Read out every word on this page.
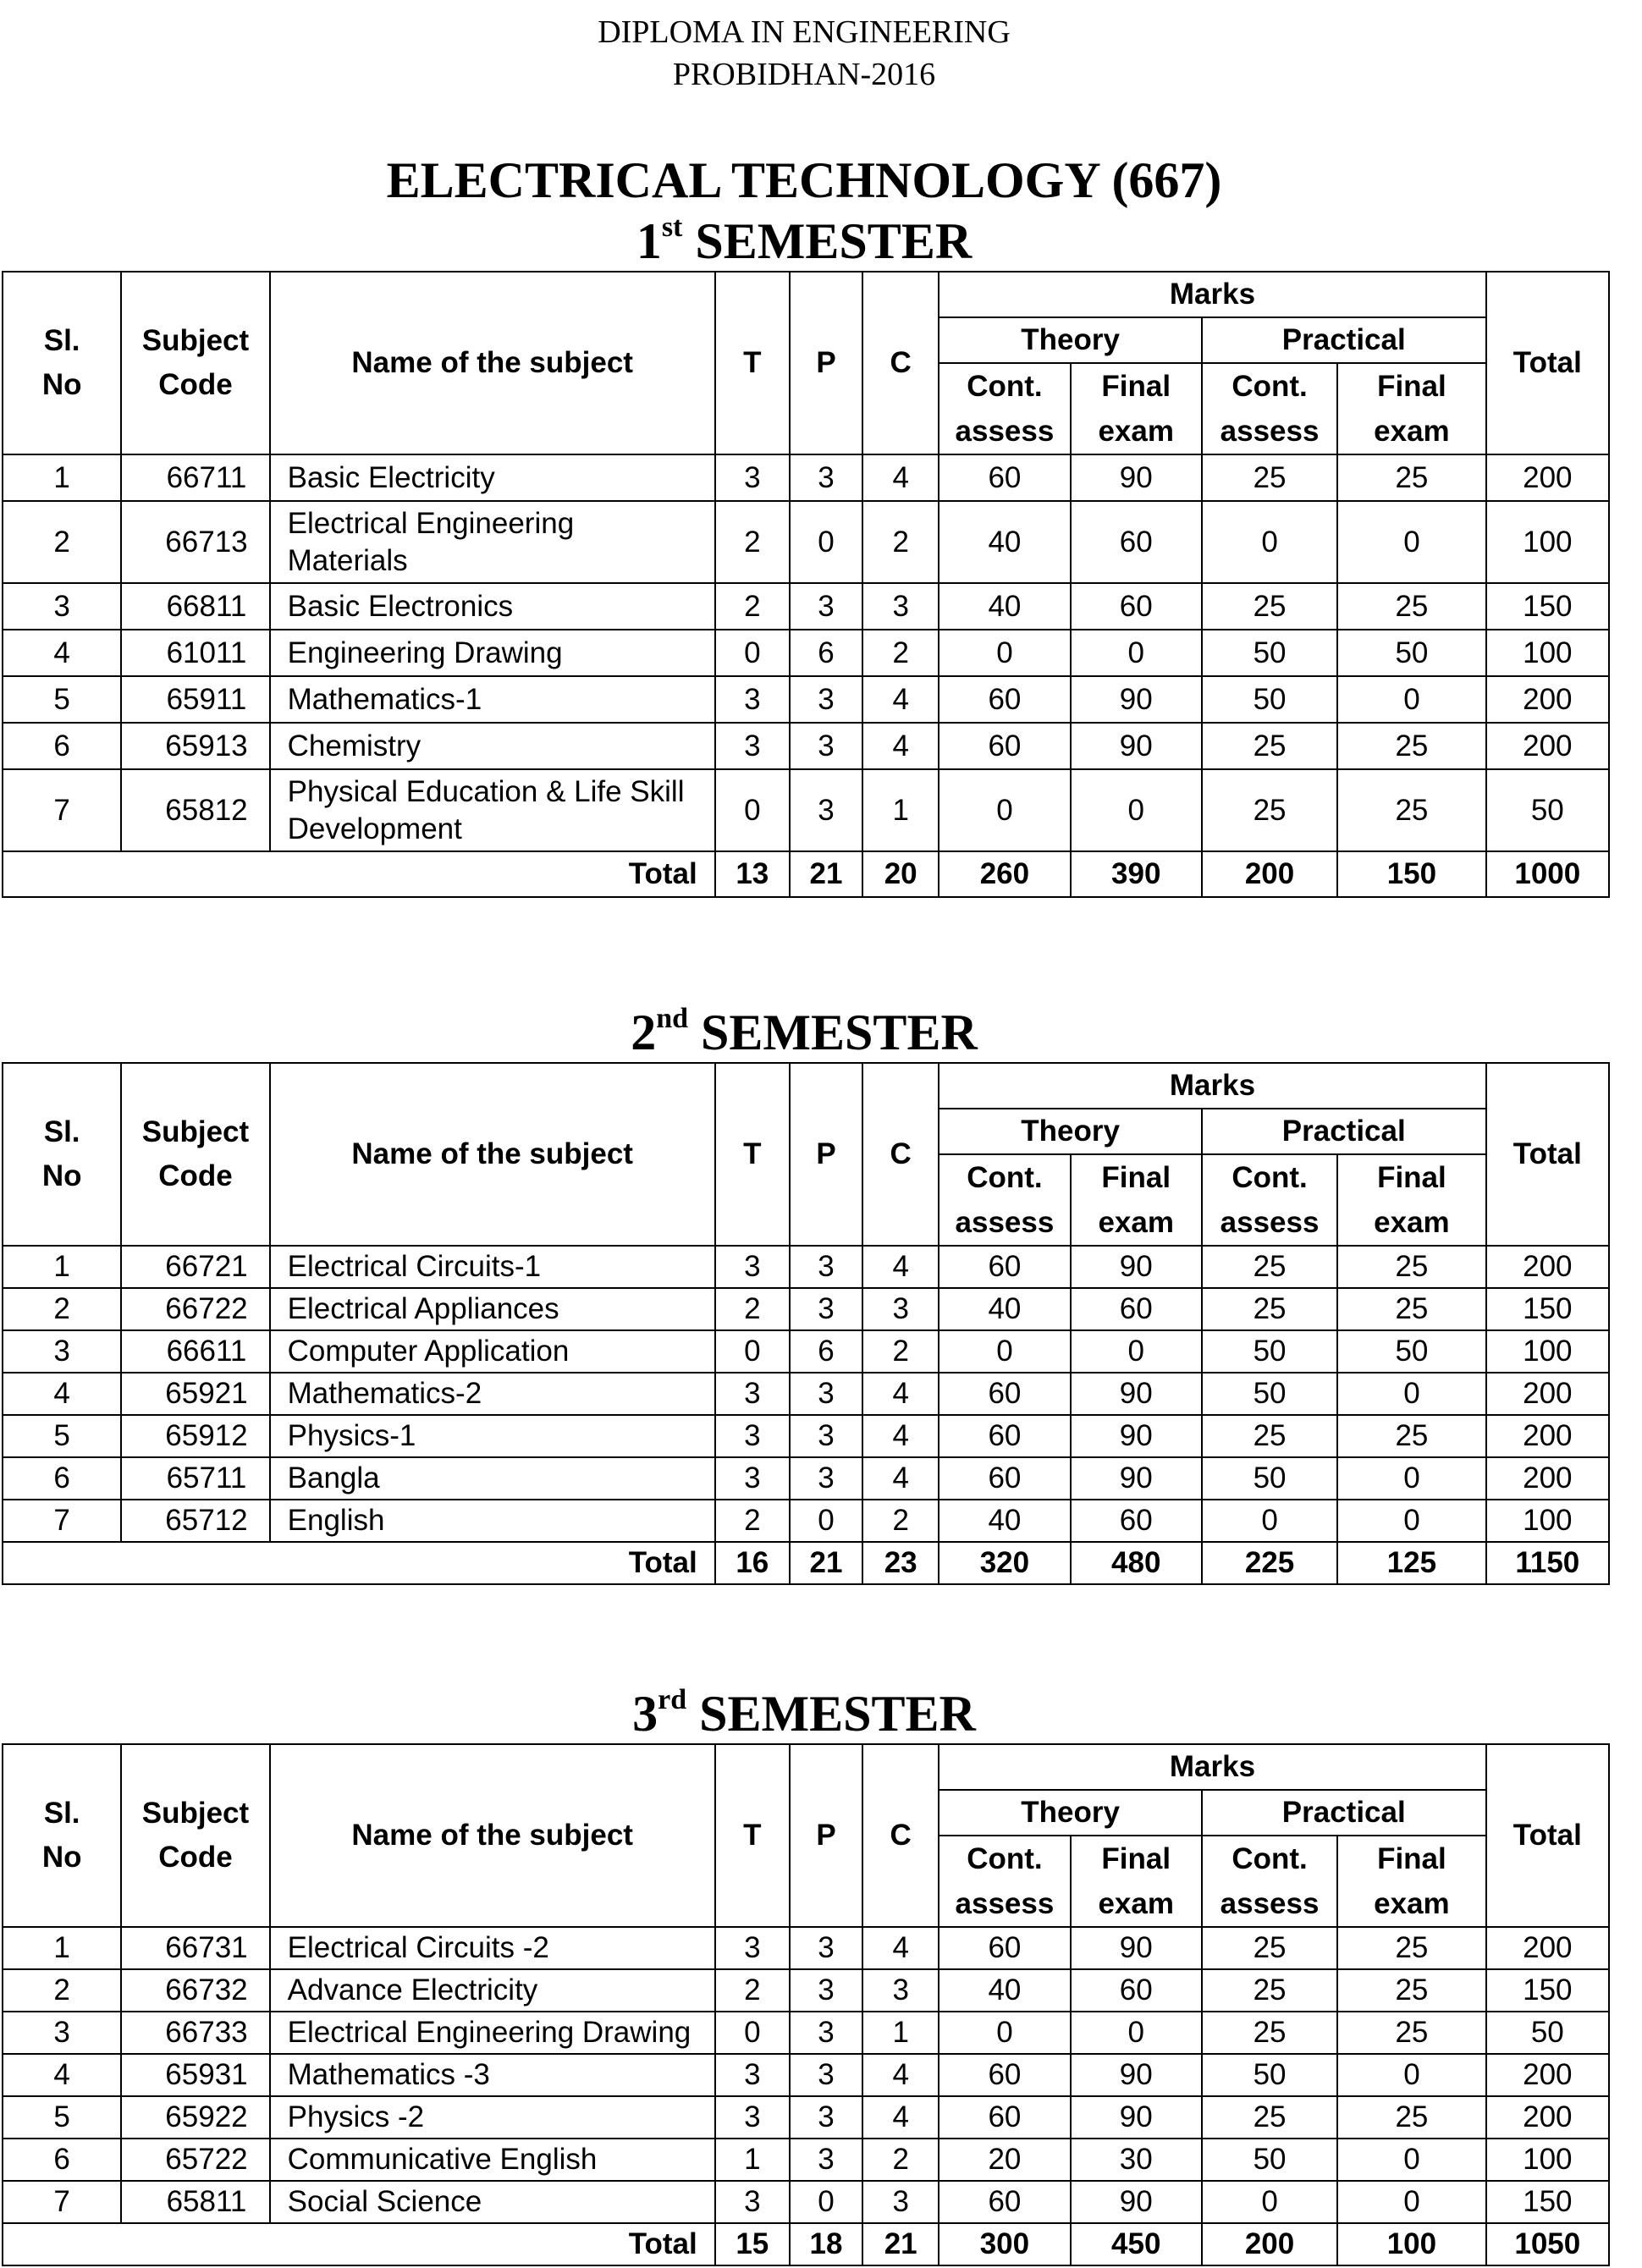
DIPLOMA IN ENGINEERING
PROBIDHAN-2016
ELECTRICAL TECHNOLOGY (667)
1st SEMESTER
Sl.
No	Subject
Code	Name of the subject	T	P	C	Marks				Total
						Theory		Practical		
						Cont.	Final	Cont.	Final	
						assess	exam	assess	exam	
1	66711	Basic Electricity	3	3	4	60	90	25	25	200
2	66713	Electrical Engineering
Materials	2	0	2	40	60	0	0	100
3	66811	Basic Electronics	2	3	3	40	60	25	25	150
4	61011	Engineering Drawing	0	6	2	0	0	50	50	100
5	65911	Mathematics-1	3	3	4	60	90	50	0	200
6	65913	Chemistry	3	3	4	60	90	25	25	200
7	65812	Physical Education & Life Skill
Development	0	3	1	0	0	25	25	50
Total			13	21	20	260	390	200	150	1000
2nd SEMESTER
Sl.
No	Subject
Code	Name of the subject	T	P	C	Marks				Total
						Theory		Practical		
						Cont.	Final	Cont.	Final	
						assess	exam	assess	exam	
1	66721	Electrical Circuits-1	3	3	4	60	90	25	25	200
2	66722	Electrical Appliances	2	3	3	40	60	25	25	150
3	66611	Computer Application	0	6	2	0	0	50	50	100
4	65921	Mathematics-2	3	3	4	60	90	50	0	200
5	65912	Physics-1	3	3	4	60	90	25	25	200
6	65711	Bangla	3	3	4	60	90	50	0	200
7	65712	English	2	0	2	40	60	0	0	100
Total			16	21	23	320	480	225	125	1150
3rd SEMESTER
Sl.
No	Subject
Code	Name of the subject	T	P	C	Marks				Total
						Theory		Practical		
						Cont.	Final	Cont.	Final	
						assess	exam	assess	exam	
1	66731	Electrical Circuits -2	3	3	4	60	90	25	25	200
2	66732	Advance Electricity	2	3	3	40	60	25	25	150
3	66733	Electrical Engineering Drawing	0	3	1	0	0	25	25	50
4	65931	Mathematics -3	3	3	4	60	90	50	0	200
5	65922	Physics -2	3	3	4	60	90	25	25	200
6	65722	Communicative English	1	3	2	20	30	50	0	100
7	65811	Social Science	3	0	3	60	90	0	0	150
Total			15	18	21	300	450	200	100	1050
